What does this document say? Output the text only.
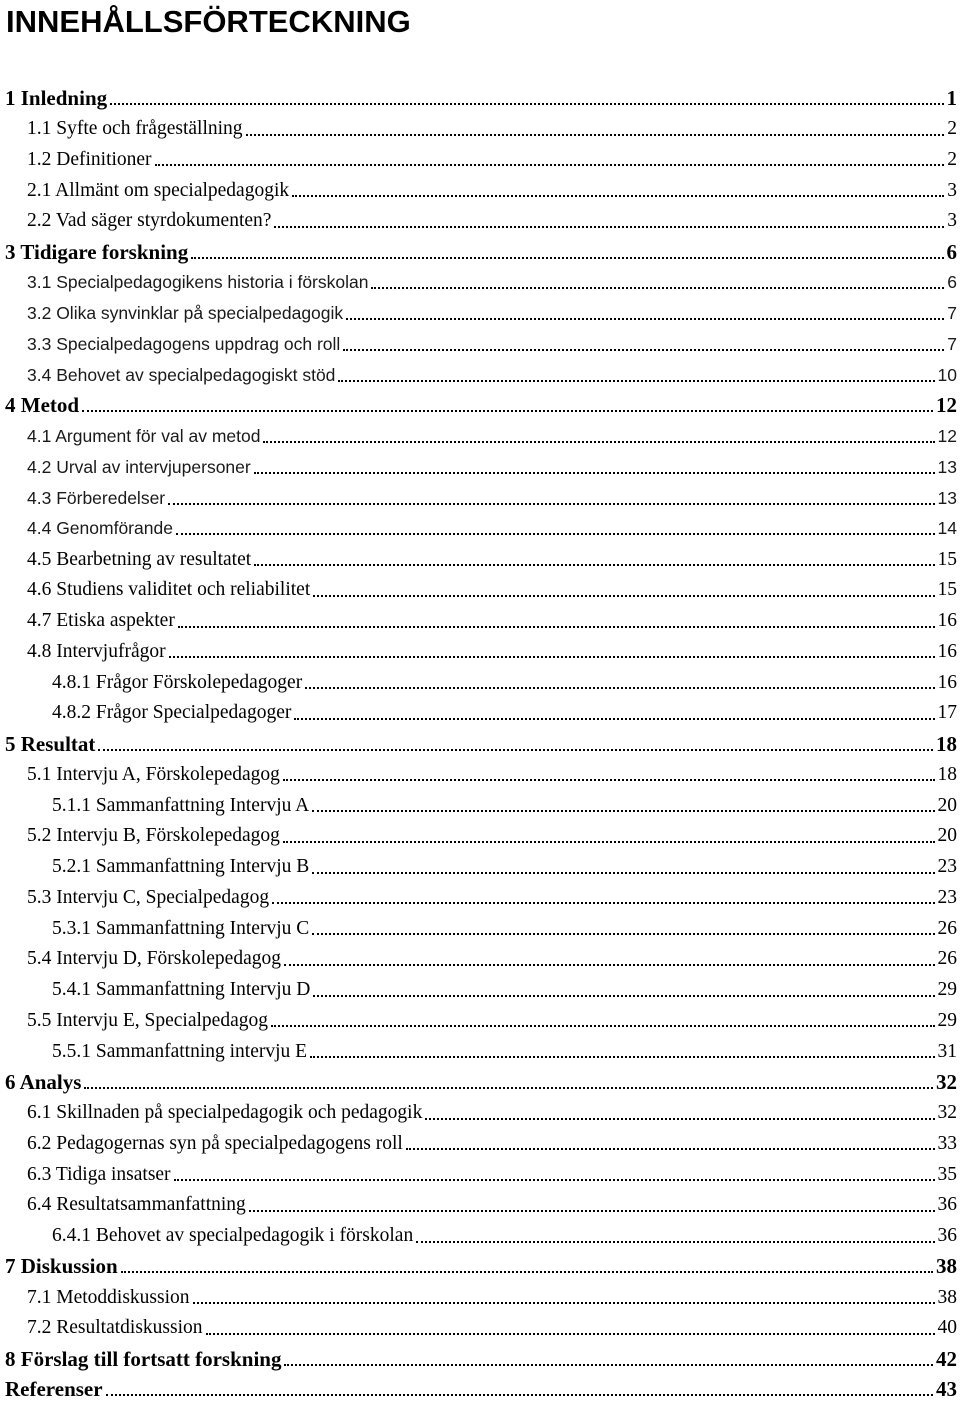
INNEHÅLLSFÖRTECKNING
1 Inledning	1
1.1 Syfte och frågeställning	2
1.2 Definitioner	2
2.1 Allmänt om specialpedagogik	3
2.2 Vad säger styrdokumenten?	3
3 Tidigare forskning	6
3.1 Specialpedagogikens historia i förskolan	6
3.2 Olika synvinklar på specialpedagogik	7
3.3 Specialpedagogens uppdrag och roll	7
3.4 Behovet av specialpedagogiskt stöd	10
4 Metod	12
4.1 Argument för val av metod	12
4.2 Urval av intervjupersoner	13
4.3 Förberedelser	13
4.4 Genomförande	14
4.5 Bearbetning av resultatet	15
4.6 Studiens validitet och reliabilitet	15
4.7 Etiska aspekter	16
4.8 Intervjufrågor	16
4.8.1 Frågor Förskolepedagoger	16
4.8.2 Frågor Specialpedagoger	17
5 Resultat	18
5.1 Intervju A, Förskolepedagog	18
5.1.1 Sammanfattning Intervju A	20
5.2 Intervju B, Förskolepedagog	20
5.2.1 Sammanfattning Intervju B	23
5.3 Intervju C, Specialpedagog	23
5.3.1 Sammanfattning Intervju C	26
5.4 Intervju D, Förskolepedagog	26
5.4.1 Sammanfattning Intervju D	29
5.5 Intervju E, Specialpedagog	29
5.5.1 Sammanfattning intervju E	31
6 Analys	32
6.1 Skillnaden på specialpedagogik och pedagogik	32
6.2 Pedagogernas syn på specialpedagogens roll	33
6.3 Tidiga insatser	35
6.4 Resultatsammanfattning	36
6.4.1 Behovet av specialpedagogik i förskolan	36
7 Diskussion	38
7.1 Metoddiskussion	38
7.2 Resultatdiskussion	40
8 Förslag till fortsatt forskning	42
Referenser	43
